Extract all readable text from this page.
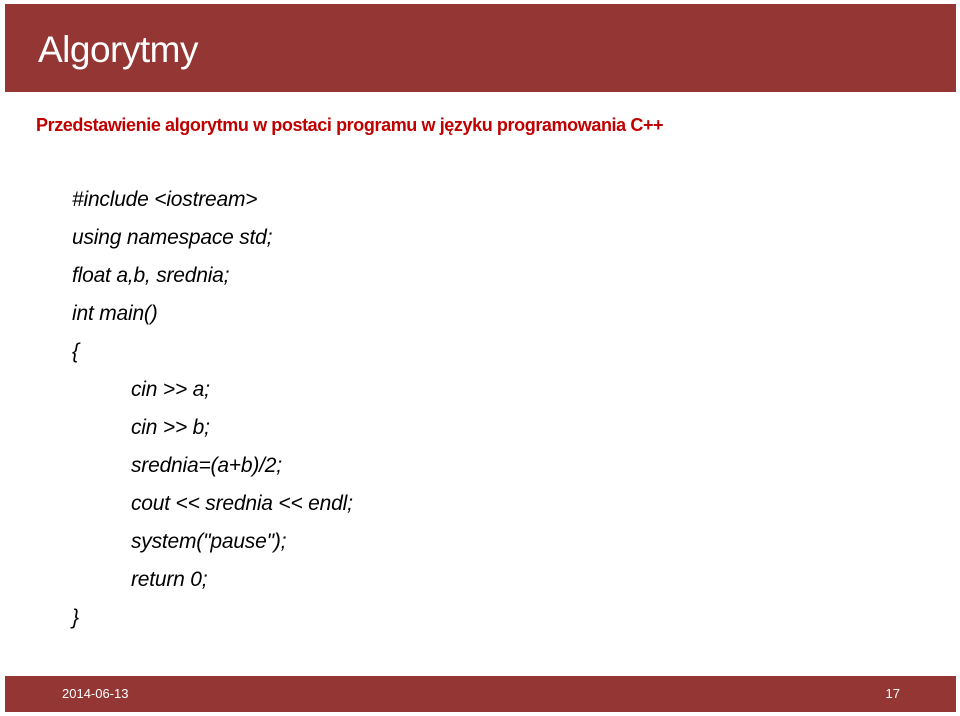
Algorytmy

Przedstawienie algorytmu w postaci programu w języku programowania C++

#include <iostream>
using namespace std;
float a,b, srednia;
int main()
{
cin >> a;
cin >> b;
srednia=(a+b)/2;
cout << srednia << endl;
system("pause");
return 0;
}
2014-06-13	17
